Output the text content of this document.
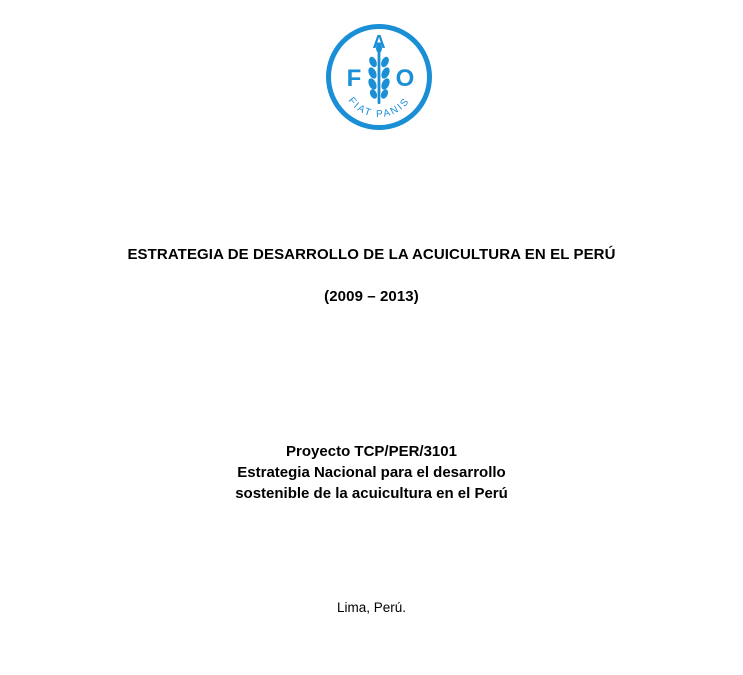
F
A
O
FIAT PANIS
ESTRATEGIA DE DESARROLLO DE LA ACUICULTURA EN EL PERÚ
(2009 – 2013)
Proyecto TCP/PER/3101
Estrategia Nacional para el desarrollo
sostenible de la acuicultura en el Perú
Lima, Perú.
